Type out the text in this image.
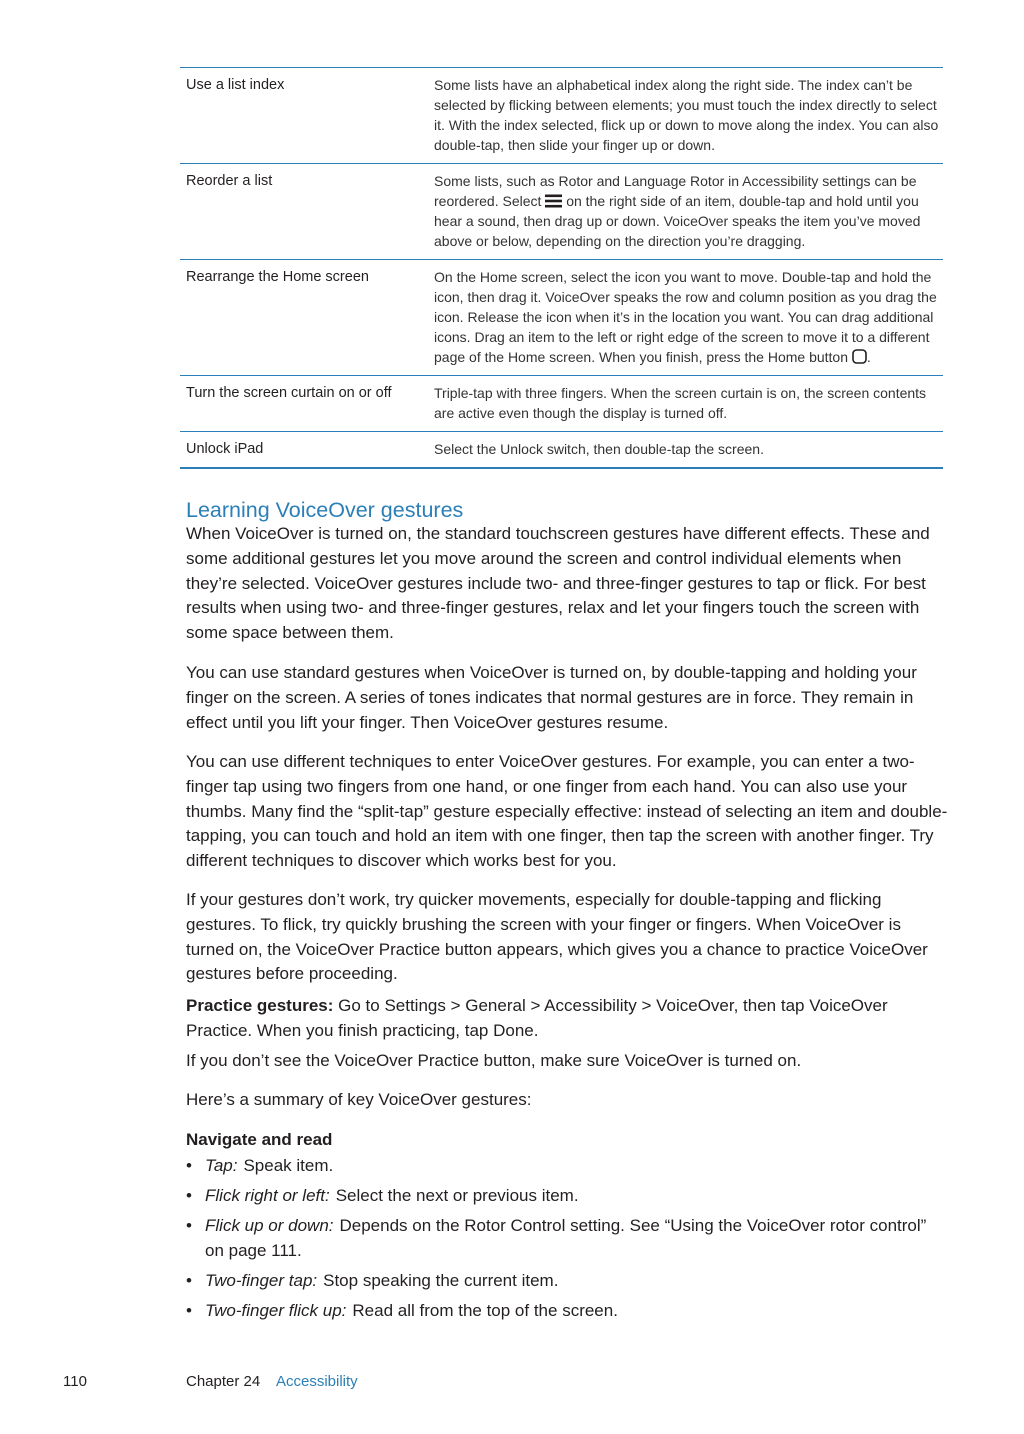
Use a list index	Some lists have an alphabetical index along the right side. The index can’t be selected by flicking between elements; you must touch the index directly to select it. With the index selected, flick up or down to move along the index. You can also double-tap, then slide your finger up or down.
Reorder a list	Some lists, such as Rotor and Language Rotor in Accessibility settings can be reordered. Select on the right side of an item, double-tap and hold until you hear a sound, then drag up or down. VoiceOver speaks the item you’ve moved above or below, depending on the direction you’re dragging.
Rearrange the Home screen	On the Home screen, select the icon you want to move. Double-tap and hold the icon, then drag it. VoiceOver speaks the row and column position as you drag the icon. Release the icon when it’s in the location you want. You can drag additional icons. Drag an item to the left or right edge of the screen to move it to a different page of the Home screen. When you finish, press the Home button .
Turn the screen curtain on or off	Triple-tap with three fingers. When the screen curtain is on, the screen contents are active even though the display is turned off.
Unlock iPad	Select the Unlock switch, then double-tap the screen.
Learning VoiceOver gestures

When VoiceOver is turned on, the standard touchscreen gestures have different effects. These and some additional gestures let you move around the screen and control individual elements when they’re selected. VoiceOver gestures include two- and three-finger gestures to tap or flick. For best results when using two- and three-finger gestures, relax and let your fingers touch the screen with some space between them.

You can use standard gestures when VoiceOver is turned on, by double-tapping and holding your finger on the screen. A series of tones indicates that normal gestures are in force. They remain in effect until you lift your finger. Then VoiceOver gestures resume.

You can use different techniques to enter VoiceOver gestures. For example, you can enter a two-finger tap using two fingers from one hand, or one finger from each hand. You can also use your thumbs. Many find the “split-tap” gesture especially effective: instead of selecting an item and double-tapping, you can touch and hold an item with one finger, then tap the screen with another finger. Try different techniques to discover which works best for you.

If your gestures don’t work, try quicker movements, especially for double-tapping and flicking gestures. To flick, try quickly brushing the screen with your finger or fingers. When VoiceOver is turned on, the VoiceOver Practice button appears, which gives you a chance to practice VoiceOver gestures before proceeding.

Practice gestures: Go to Settings > General > Accessibility > VoiceOver, then tap VoiceOver Practice. When you finish practicing, tap Done.

If you don’t see the VoiceOver Practice button, make sure VoiceOver is turned on.

Here’s a summary of key VoiceOver gestures:

Navigate and read
• Tap: Speak item.
• Flick right or left: Select the next or previous item.
• Flick up or down: Depends on the Rotor Control setting. See “Using the VoiceOver rotor control” on page 111.
• Two-finger tap: Stop speaking the current item.
• Two-finger flick up: Read all from the top of the screen.
110	Chapter 24 Accessibility
